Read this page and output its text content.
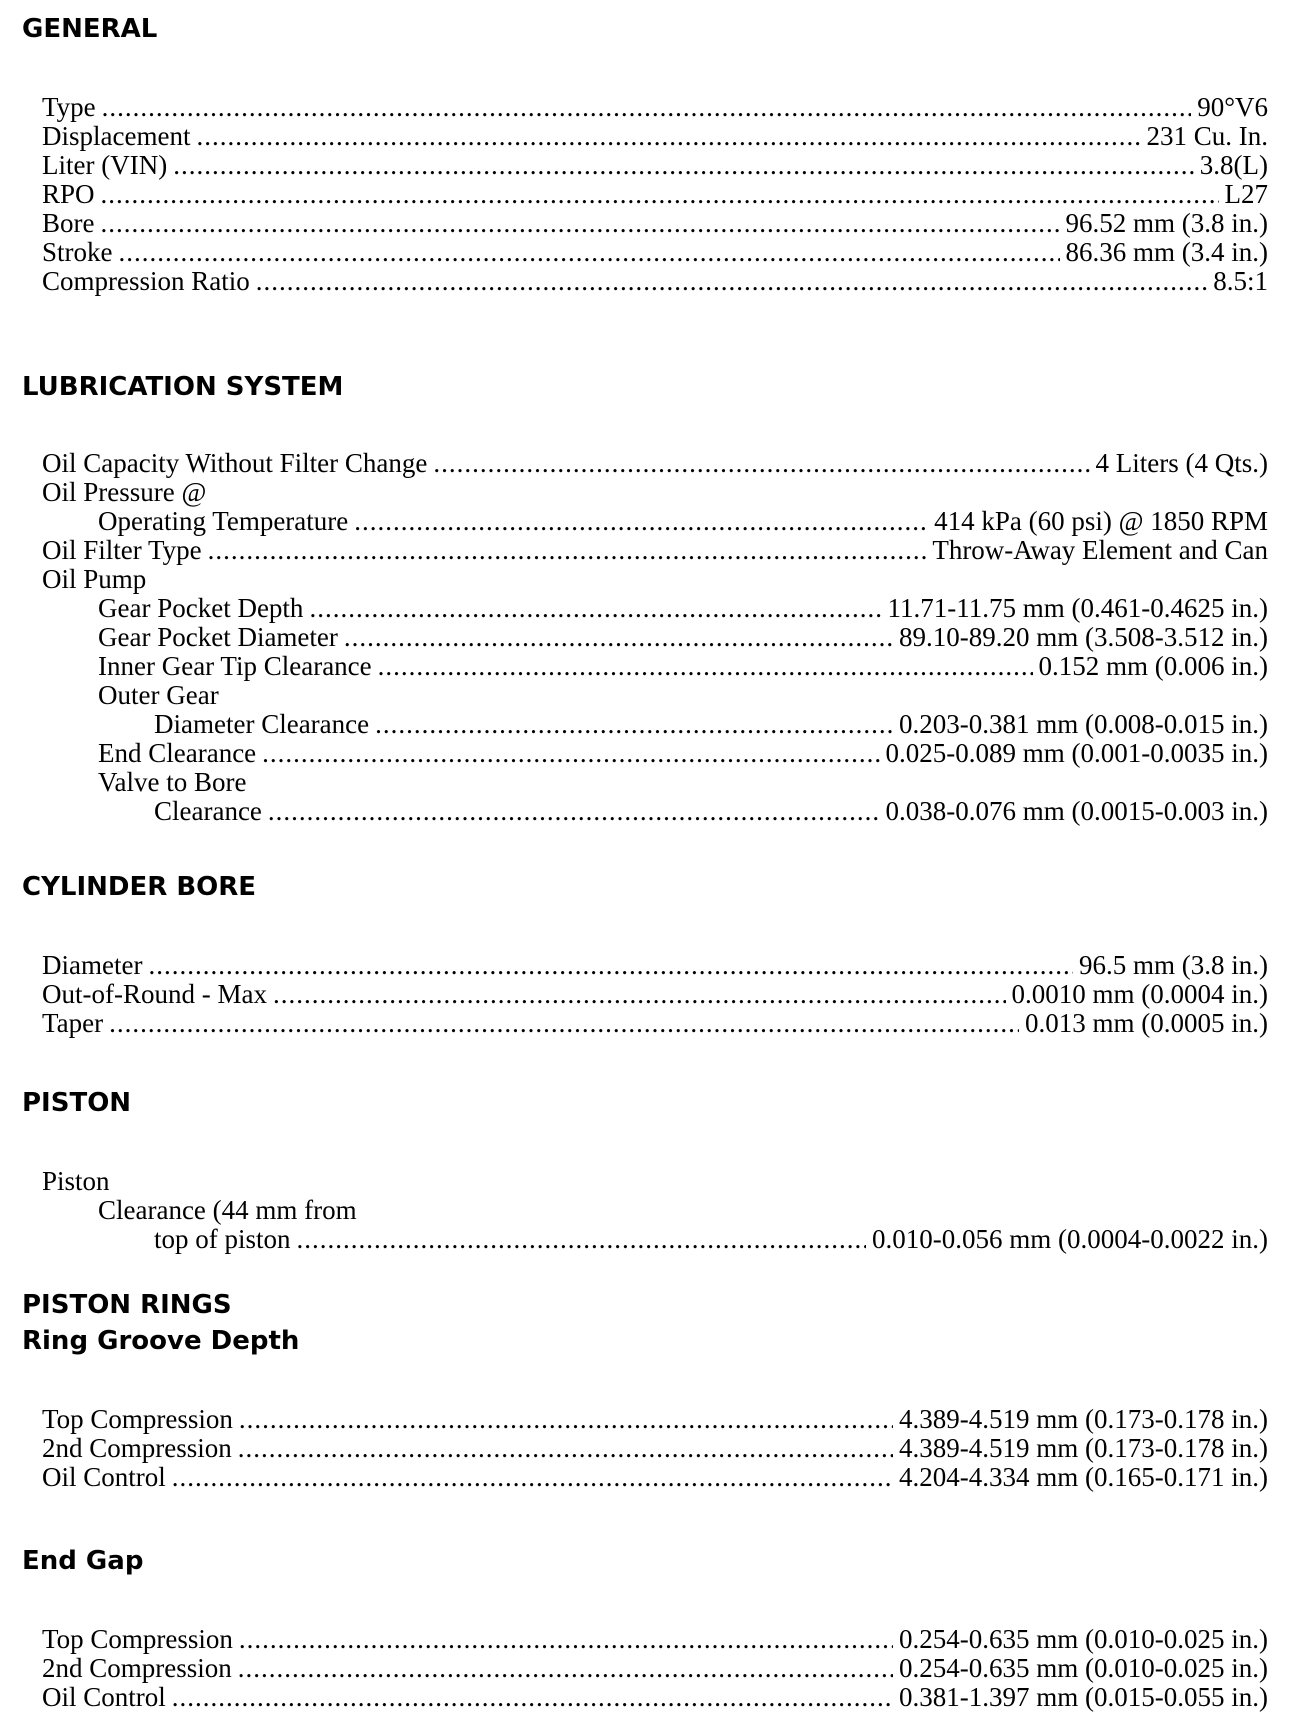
GENERAL
Type .....	90°V6
Displacement .....	231 Cu. In.
Liter (VIN) .....	3.8(L)
RPO .....	L27
Bore .....	96.52 mm (3.8 in.)
Stroke .....	86.36 mm (3.4 in.)
Compression Ratio .....	8.5:1
LUBRICATION SYSTEM
Oil Capacity Without Filter Change .....	4 Liters (4 Qts.)
Oil Pressure @
Operating Temperature .....	414 kPa (60 psi) @ 1850 RPM
Oil Filter Type .....	Throw-Away Element and Can
Oil Pump
Gear Pocket Depth .....	11.71-11.75 mm (0.461-0.4625 in.)
Gear Pocket Diameter .....	89.10-89.20 mm (3.508-3.512 in.)
Inner Gear Tip Clearance .....	0.152 mm (0.006 in.)
Outer Gear
Diameter Clearance .....	0.203-0.381 mm (0.008-0.015 in.)
End Clearance .....	0.025-0.089 mm (0.001-0.0035 in.)
Valve to Bore
Clearance .....	0.038-0.076 mm (0.0015-0.003 in.)
CYLINDER BORE
Diameter .....	96.5 mm (3.8 in.)
Out-of-Round - Max .....	0.0010 mm (0.0004 in.)
Taper .....	0.013 mm (0.0005 in.)
PISTON
Piston
Clearance (44 mm from
top of piston .....	0.010-0.056 mm (0.0004-0.0022 in.)
PISTON RINGS
Ring Groove Depth
Top Compression .....	4.389-4.519 mm (0.173-0.178 in.)
2nd Compression .....	4.389-4.519 mm (0.173-0.178 in.)
Oil Control .....	4.204-4.334 mm (0.165-0.171 in.)
End Gap
Top Compression .....	0.254-0.635 mm (0.010-0.025 in.)
2nd Compression .....	0.254-0.635 mm (0.010-0.025 in.)
Oil Control .....	0.381-1.397 mm (0.015-0.055 in.)
